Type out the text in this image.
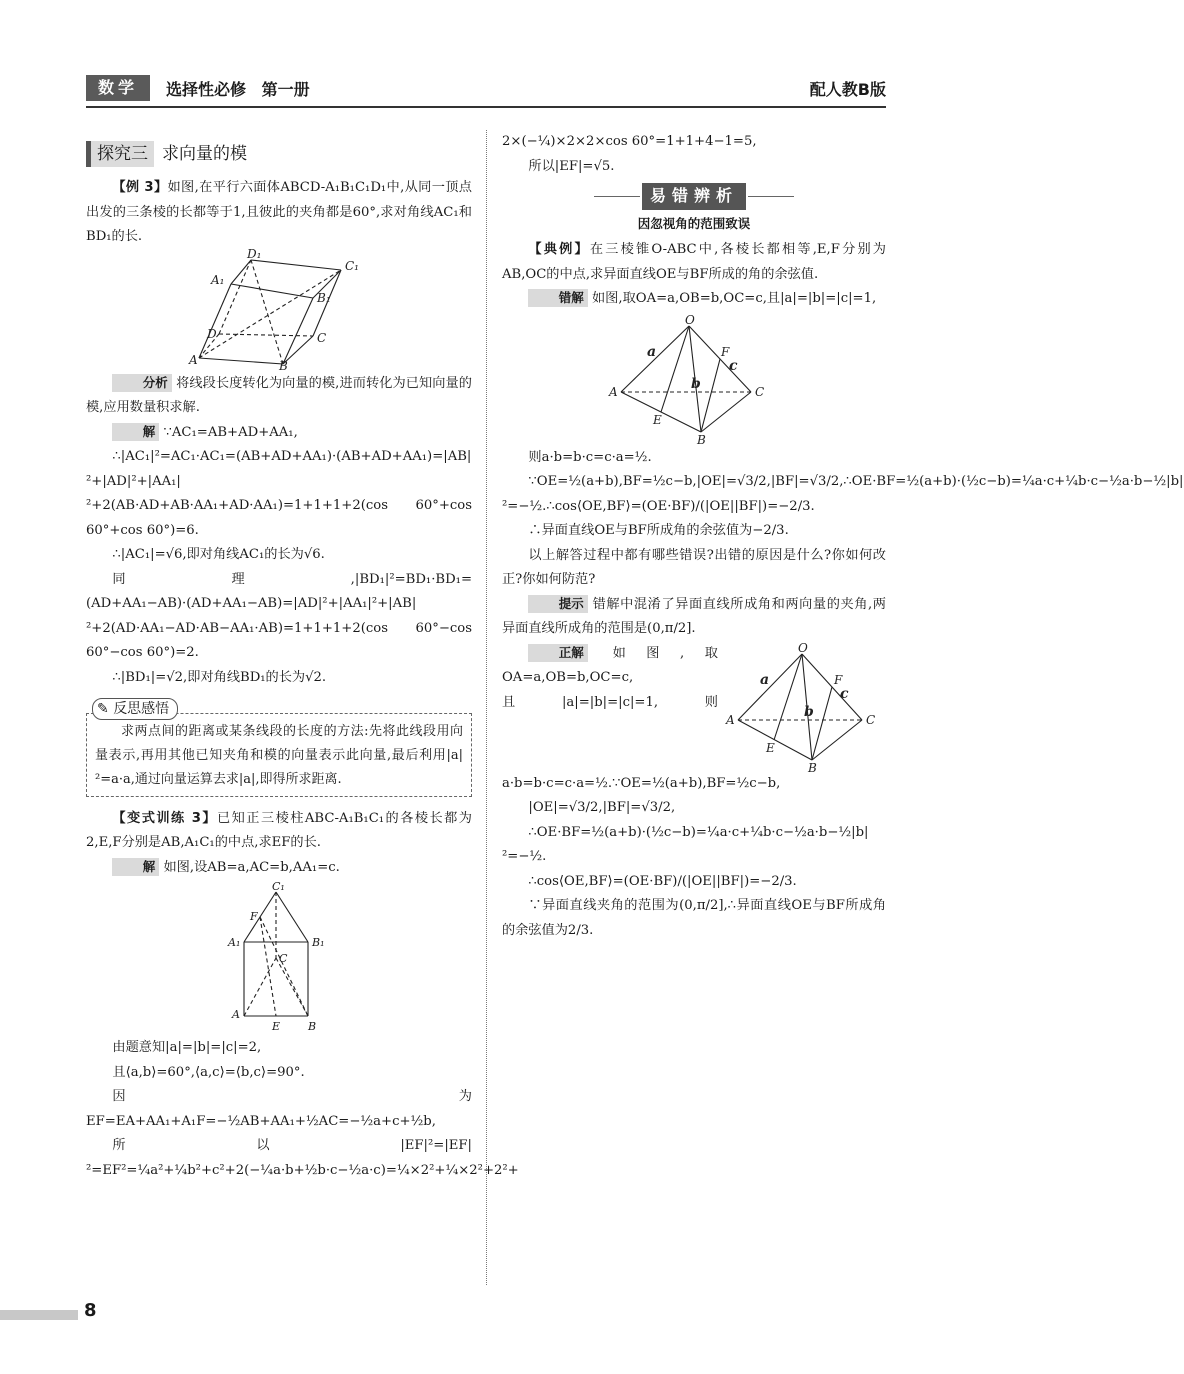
数学	选择性必修 第一册	配人教B版
探究三 求向量的模

【例 3】如图,在平行六面体ABCD-A₁B₁C₁D₁中,从同一顶点出发的三条棱的长都等于1,且彼此的夹角都是60°,求对角线AC₁和BD₁的长.

D₁
C₁
A₁
B₁
D	C
A	B

分析 将线段长度转化为向量的模,进而转化为已知向量的模,应用数量积求解.

解 ∵AC₁=AB+AD+AA₁,

∴|AC₁|²=AC₁·AC₁=(AB+AD+AA₁)·(AB+AD+AA₁)=|AB|²+|AD|²+|AA₁|²+2(AB·AD+AB·AA₁+AD·AA₁)=1+1+1+2(cos 60°+cos 60°+cos 60°)=6.

∴|AC₁|=√6,即对角线AC₁的长为√6.

同理,|BD₁|²=BD₁·BD₁=(AD+AA₁−AB)·(AD+AA₁−AB)=|AD|²+|AA₁|²+|AB|²+2(AD·AA₁−AD·AB−AA₁·AB)=1+1+1+2(cos 60°−cos 60°−cos 60°)=2.

∴|BD₁|=√2,即对角线BD₁的长为√2.

✎ 反思感悟

求两点间的距离或某条线段的长度的方法:先将此线段用向量表示,再用其他已知夹角和模的向量表示此向量,最后利用|a|²=a·a,通过向量运算去求|a|,即得所求距离.

【变式训练 3】已知正三棱柱ABC-A₁B₁C₁的各棱长都为2,E,F分别是AB,A₁C₁的中点,求EF的长.

解 如图,设AB=a,AC=b,AA₁=c.

C₁
F
A₁	B₁
C
A
E	B

由题意知|a|=|b|=|c|=2,

且⟨a,b⟩=60°,⟨a,c⟩=⟨b,c⟩=90°.

因为EF=EA+AA₁+A₁F=−½AB+AA₁+½AC=−½a+c+½b,

所以|EF|²=|EF|²=EF²=¼a²+¼b²+c²+2(−¼a·b+½b·c−½a·c)=¼×2²+¼×2²+2²+

2×(−¼)×2×2×cos 60°=1+1+4−1=5,

所以|EF|=√5.

易错辨析
因忽视角的范围致误

【典例】在三棱锥O-ABC中,各棱长都相等,E,F分别为AB,OC的中点,求异面直线OE与BF所成的角的余弦值.

错解 如图,取OA=a,OB=b,OC=c,且|a|=|b|=|c|=1,

O
a	F
c
b
A	C
E
B

则a·b=b·c=c·a=½.

∵OE=½(a+b),BF=½c−b,|OE|=√3/2,|BF|=√3/2,∴OE·BF=½(a+b)·(½c−b)=¼a·c+¼b·c−½a·b−½|b|²=−½.∴cos⟨OE,BF⟩=(OE·BF)/(|OE||BF|)=−2/3.

∴异面直线OE与BF所成角的余弦值为−2/3.

以上解答过程中都有哪些错误?出错的原因是什么?你如何改正?你如何防范?

提示 错解中混淆了异面直线所成角和两向量的夹角,两异面直线所成角的范围是(0,π/2].

O
a	F
c
b
A	C
E
B

正解 如图,取OA=a,OB=b,OC=c,且|a|=|b|=|c|=1,则a·b=b·c=c·a=½.∵OE=½(a+b),BF=½c−b,

|OE|=√3/2,|BF|=√3/2,

∴OE·BF=½(a+b)·(½c−b)=¼a·c+¼b·c−½a·b−½|b|²=−½.

∴cos⟨OE,BF⟩=(OE·BF)/(|OE||BF|)=−2/3.

∵异面直线夹角的范围为(0,π/2],∴异面直线OE与BF所成角的余弦值为2/3.

8
